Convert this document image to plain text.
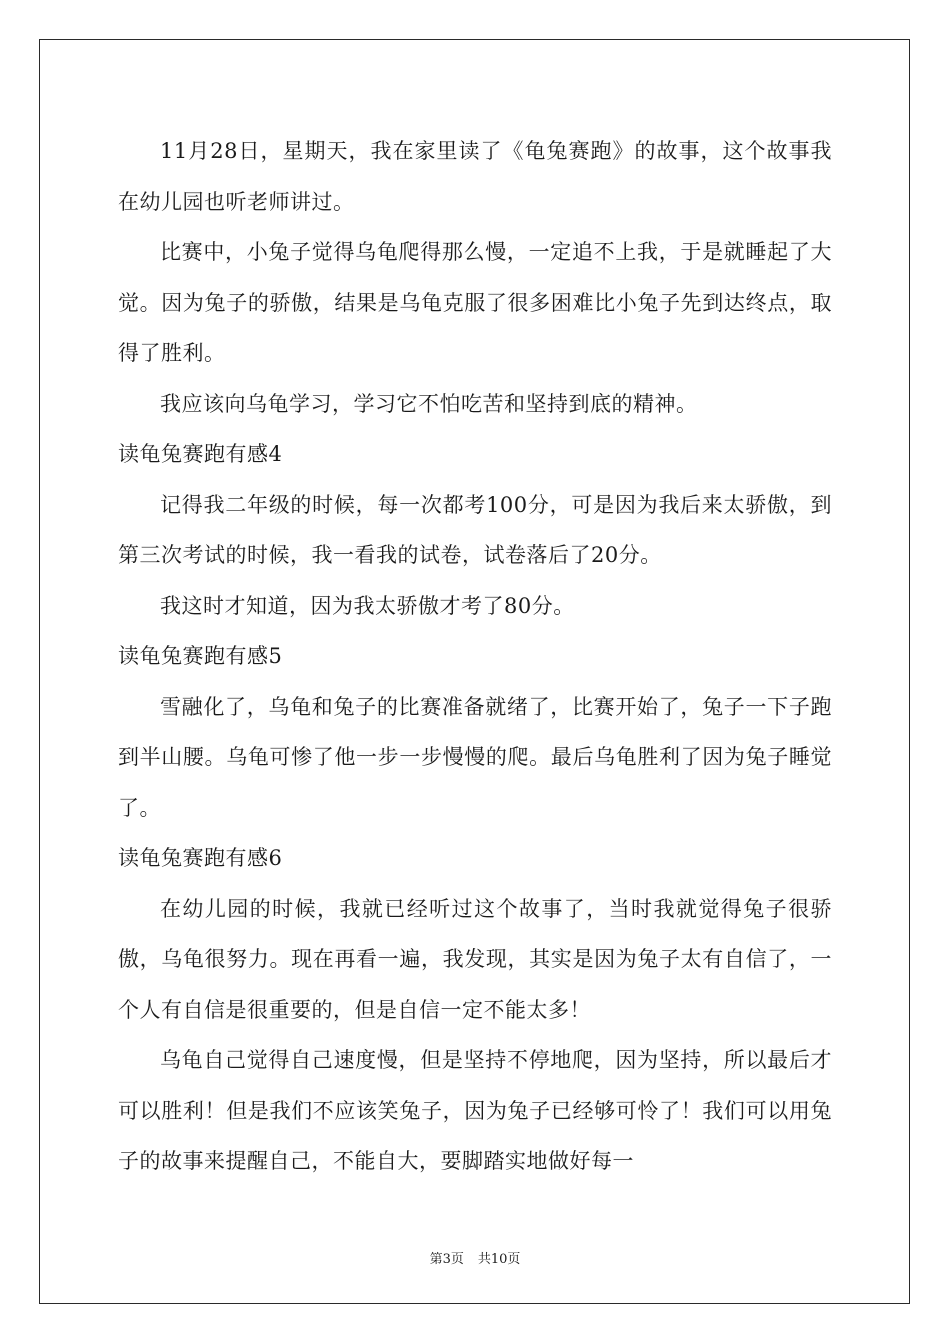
11月28日，星期天，我在家里读了《龟兔赛跑》的故事，这个故事我在幼儿园也听老师讲过。

比赛中，小兔子觉得乌龟爬得那么慢，一定追不上我，于是就睡起了大觉。因为兔子的骄傲，结果是乌龟克服了很多困难比小兔子先到达终点，取得了胜利。

我应该向乌龟学习，学习它不怕吃苦和坚持到底的精神。

读龟兔赛跑有感4

记得我二年级的时候，每一次都考100分，可是因为我后来太骄傲，到第三次考试的时候，我一看我的试卷，试卷落后了20分。

我这时才知道，因为我太骄傲才考了80分。

读龟兔赛跑有感5

雪融化了，乌龟和兔子的比赛准备就绪了，比赛开始了，兔子一下子跑到半山腰。乌龟可惨了他一步一步慢慢的爬。最后乌龟胜利了因为兔子睡觉了。

读龟兔赛跑有感6

在幼儿园的时候，我就已经听过这个故事了，当时我就觉得兔子很骄傲，乌龟很努力。现在再看一遍，我发现，其实是因为兔子太有自信了，一个人有自信是很重要的，但是自信一定不能太多！

乌龟自己觉得自己速度慢，但是坚持不停地爬，因为坚持，所以最后才可以胜利！但是我们不应该笑兔子，因为兔子已经够可怜了！我们可以用兔子的故事来提醒自己，不能自大，要脚踏实地做好每一

第3页 共10页
